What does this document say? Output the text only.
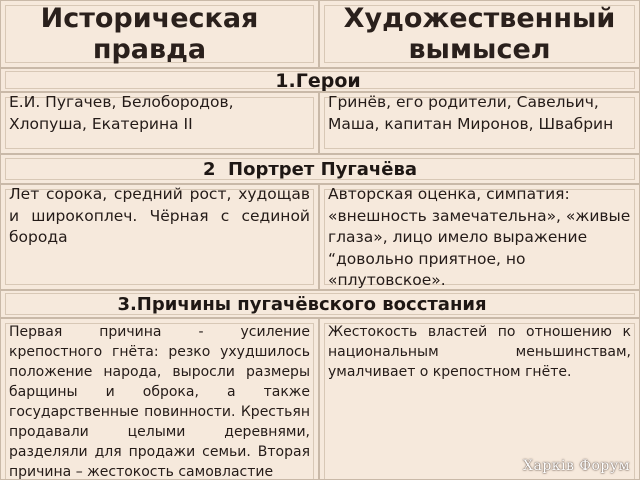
Историческая правда
Художественный вымысел
1.Герои
Е.И. Пугачев, Белобородов, Хлопуша, Екатерина II
Гринёв, его родители, Савельич, Маша, капитан Миронов, Швабрин
2  Портрет Пугачёва
Лет сорока, средний рост, худощав и широкоплеч. Чёрная с сединой борода
Авторская оценка, симпатия: «внешность замечательна», «живые глаза», лицо имело выражение “довольно приятное, но «плутовское».
3.Причины пугачёвского восстания
Первая причина - усиление крепостного гнёта: резко ухудшилось положение народа, выросли размеры барщины и оброка, а также государственные повинности. Крестьян продавали целыми деревнями, разделяли для продажи семьи. Вторая причина – жестокость самовластие
Жестокость властей по отношению к национальным меньшинствам, умалчивает о крепостном гнёте.
Харків Форум
